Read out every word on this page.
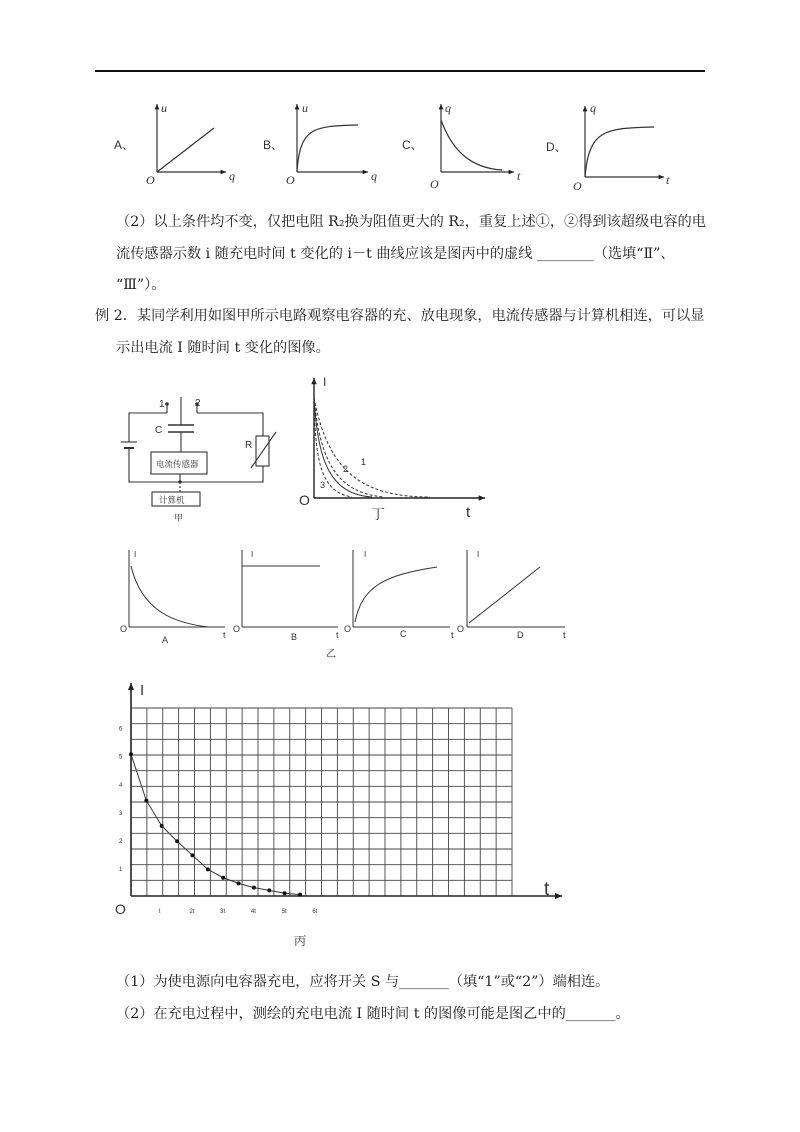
A、
u
q
O
B、
u
q
O
C、
q
t
O
D、
q
t
O
1	2
C
R
电流传感器
计算机
甲
I
t
O
丁
1
2
3
I
t
O
A
I
t
O
B
I
t
O	C
I
t
O
D
乙
1
2
3
4
5
6
t	2t	3t	4t	5t	6t
I
t
O
丙
（2）以上条件均不变，仅把电阻 R₂换为阻值更大的 R₂，重复上述①，②得到该超级电容的电
流传感器示数 i 随充电时间 t 变化的 i－t 曲线应该是图丙中的虚线 ________（选填“Ⅱ”、
“Ⅲ”）。
例 2．某同学利用如图甲所示电路观察电容器的充、放电现象，电流传感器与计算机相连，可以显
示出电流 I 随时间 t 变化的图像。
（1）为使电源向电容器充电，应将开关 S 与_______（填“1”或“2”）端相连。
（2）在充电过程中，测绘的充电电流 I 随时间 t 的图像可能是图乙中的_______。
